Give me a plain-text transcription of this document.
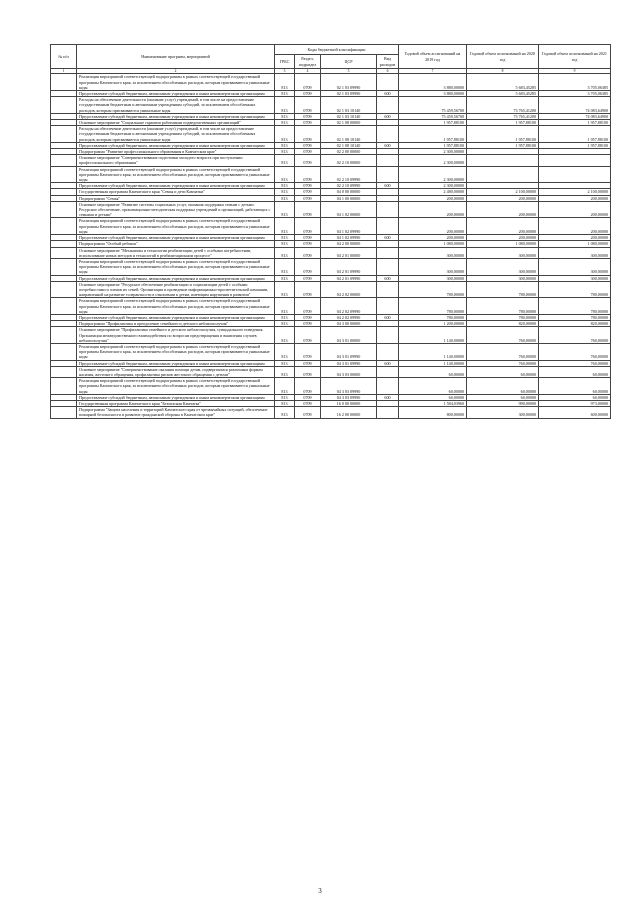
№ п/п	Наименование программ, мероприятий	Коды бюджетной классификации				Годовой объем ассигнований на 2019 год	Годовой объем ассигнований на 2020 год	Годовой объем ассигнований на 2021 год
		ГРБС	Раздел, подраздел	ЦСР	Вид расходов			
1	2	3	4	5	6	7	8	9
	Реализация мероприятий соответствующей подпрограммы в рамках соответствующей государственной программы Камчатского края, за исключением обособленных расходов, которым присваиваются уникальные коды	813	0709	02 1 03 09990		3 880,00000	5 683,45285	3 705,06385
	Предоставление субсидий бюджетным, автономным учреждениям и иным некоммерческим организациям	813	0709	02 1 03 09990	600	3 880,00000	5 683,45285	3 705,06385
	Расходы на обеспечение деятельности (оказание услуг) учреждений, в том числе на предоставление государственным бюджетным и автономным учреждениям субсидий, за исключением обособленных расходов, которым присваиваются уникальные коды	813	0709	02 1 03 10140		75 459,56700	73 765,41200	74 083,64900
	Предоставление субсидий бюджетным, автономным учреждениям и иным некоммерческим организациям	813	0709	02 1 03 10140	600	75 459,56700	73 765,41200	74 083,64900
	Основное мероприятие "Социальные гарантии работникам подведомственных организаций"	813	0709	02 1 08 00000		1 957,88100	1 957,88100	1 957,88100
	Расходы на обеспечение деятельности (оказание услуг) учреждений, в том числе на предоставление государственным бюджетным и автономным учреждениям субсидий, за исключением обособленных расходов, которым присваиваются уникальные коды	813	0709	02 1 08 10140		1 957,88100	1 957,88100	1 957,88100
	Предоставление субсидий бюджетным, автономным учреждениям и иным некоммерческим организациям	813	0709	02 1 08 10140	600	1 957,88100	1 957,88100	1 957,88100
	Подпрограмма "Развитие профессионального образования в Камчатском крае"	813	0709	02 2 00 00000		2 300,00000		
	Основное мероприятие "Совершенствование подготовки молодого возраста при поступлении профессионального образования"	813	0709	02 2 10 00000		2 300,00000		
	Реализация мероприятий соответствующей подпрограммы в рамках соответствующей государственной программы Камчатского края, за исключением обособленных расходов, которым присваиваются уникальные коды	813	0709	02 2 10 09990		2 300,00000		
	Предоставление субсидий бюджетным, автономным учреждениям и иным некоммерческим организациям	813	0709	02 2 10 09990	600	2 300,00000		
	Государственная программа Камчатского края "Семья и дети Камчатки"	813	0709	04 0 00 00000		2 480,00000	2 100,00000	2 100,00000
	Подпрограмма "Семья"	813	0709	04 1 00 00000		200,00000	200,00000	200,00000
	Основное мероприятие "Развитие системы социальных услуг, оказания поддержки семьям с детьми. Ресурсное обеспечение, организационно-методическая поддержка учреждений и организаций, работающих с семьями и детьми"	813	0709	04 1 02 00000		200,00000	200,00000	200,00000
	Реализация мероприятий соответствующей подпрограммы в рамках соответствующей государственной программы Камчатского края, за исключением обособленных расходов, которым присваиваются уникальные коды	813	0709	04 1 02 09990		200,00000	200,00000	200,00000
	Предоставление субсидий бюджетным, автономным учреждениям и иным некоммерческим организациям	813	0709	04 1 02 09990	600	200,00000	200,00000	200,00000
	Подпрограмма "Особый ребенок"	813	0709	04 2 00 00000		1 080,00000	1 080,00000	1 080,00000
	Основное мероприятие "Механизмы и технологии реабилитации детей с особыми потребностями, использование новых методов и технологий в реабилитационном процессе"	813	0709	04 2 01 00000		300,00000	300,00000	300,00000
	Реализация мероприятий соответствующей подпрограммы в рамках соответствующей государственной программы Камчатского края, за исключением обособленных расходов, которым присваиваются уникальные коды	813	0709	04 2 01 09990		300,00000	300,00000	300,00000
	Предоставление субсидий бюджетным, автономным учреждениям и иным некоммерческим организациям	813	0709	04 2 01 09990	600	300,00000	300,00000	300,00000
	Основное мероприятие "Ресурсное обеспечение реабилитации и социализации детей с особыми потребностями и членов их семей. Организация и проведение информационно-просветительской кампании, направленной на развитие толерантности в отношении к детям, имеющим нарушения в развитии"	813	0709	04 2 02 00000		780,00000	780,00000	780,00000
	Реализация мероприятий соответствующей подпрограммы в рамках соответствующей государственной программы Камчатского края, за исключением обособленных расходов, которым присваиваются уникальные коды	813	0709	04 2 02 09990		780,00000	780,00000	780,00000
	Предоставление субсидий бюджетным, автономным учреждениям и иным некоммерческим организациям	813	0709	04 2 02 09990	600	780,00000	780,00000	780,00000
	Подпрограмма "Профилактика и преодоление семейного и детского неблагополучия"	813	0709	04 3 00 00000		1 200,00000	820,00000	820,00000
	Основное мероприятие "Профилактика семейного и детского неблагополучия, суицидального поведения. Организация межведомственного взаимодействия по вопросам предотвращения и выявления случаев неблагополучия"	813	0709	04 3 01 00000		1 140,00000	760,00000	760,00000
	Реализация мероприятий соответствующей подпрограммы в рамках соответствующей государственной программы Камчатского края, за исключением обособленных расходов, которым присваиваются уникальные коды	813	0709	04 3 01 09990		1 140,00000	760,00000	760,00000
	Предоставление субсидий бюджетным, автономным учреждениям и иным некоммерческим организациям	813	0709	04 3 01 09990	600	1 140,00000	760,00000	760,00000
	Основное мероприятие "Совершенствование оказания помощи детям, подвергшимся различным формам насилия, жестокого обращения, профилактика рисков жестокого обращения с детьми"	813	0709	04 3 03 00000		60,00000	60,00000	60,00000
	Реализация мероприятий соответствующей подпрограммы в рамках соответствующей государственной программы Камчатского края, за исключением обособленных расходов, которым присваиваются уникальные коды	813	0709	04 3 03 09990		60,00000	60,00000	60,00000
	Предоставление субсидий бюджетным, автономным учреждениям и иным некоммерческим организациям	813	0709	04 3 03 09990	600	60,00000	60,00000	60,00000
	Государственная программа Камчатского края "Безопасная Камчатка"	813	0709	16 0 00 00000		1 584,03960	990,00000	973,00000
	Подпрограмма "Защита населения и территорий Камчатского края от чрезвычайных ситуаций, обеспечение пожарной безопасности и развитие гражданской обороны в Камчатском крае"	813	0709	16 2 00 00000		800,00000	300,00000	600,00000
3
